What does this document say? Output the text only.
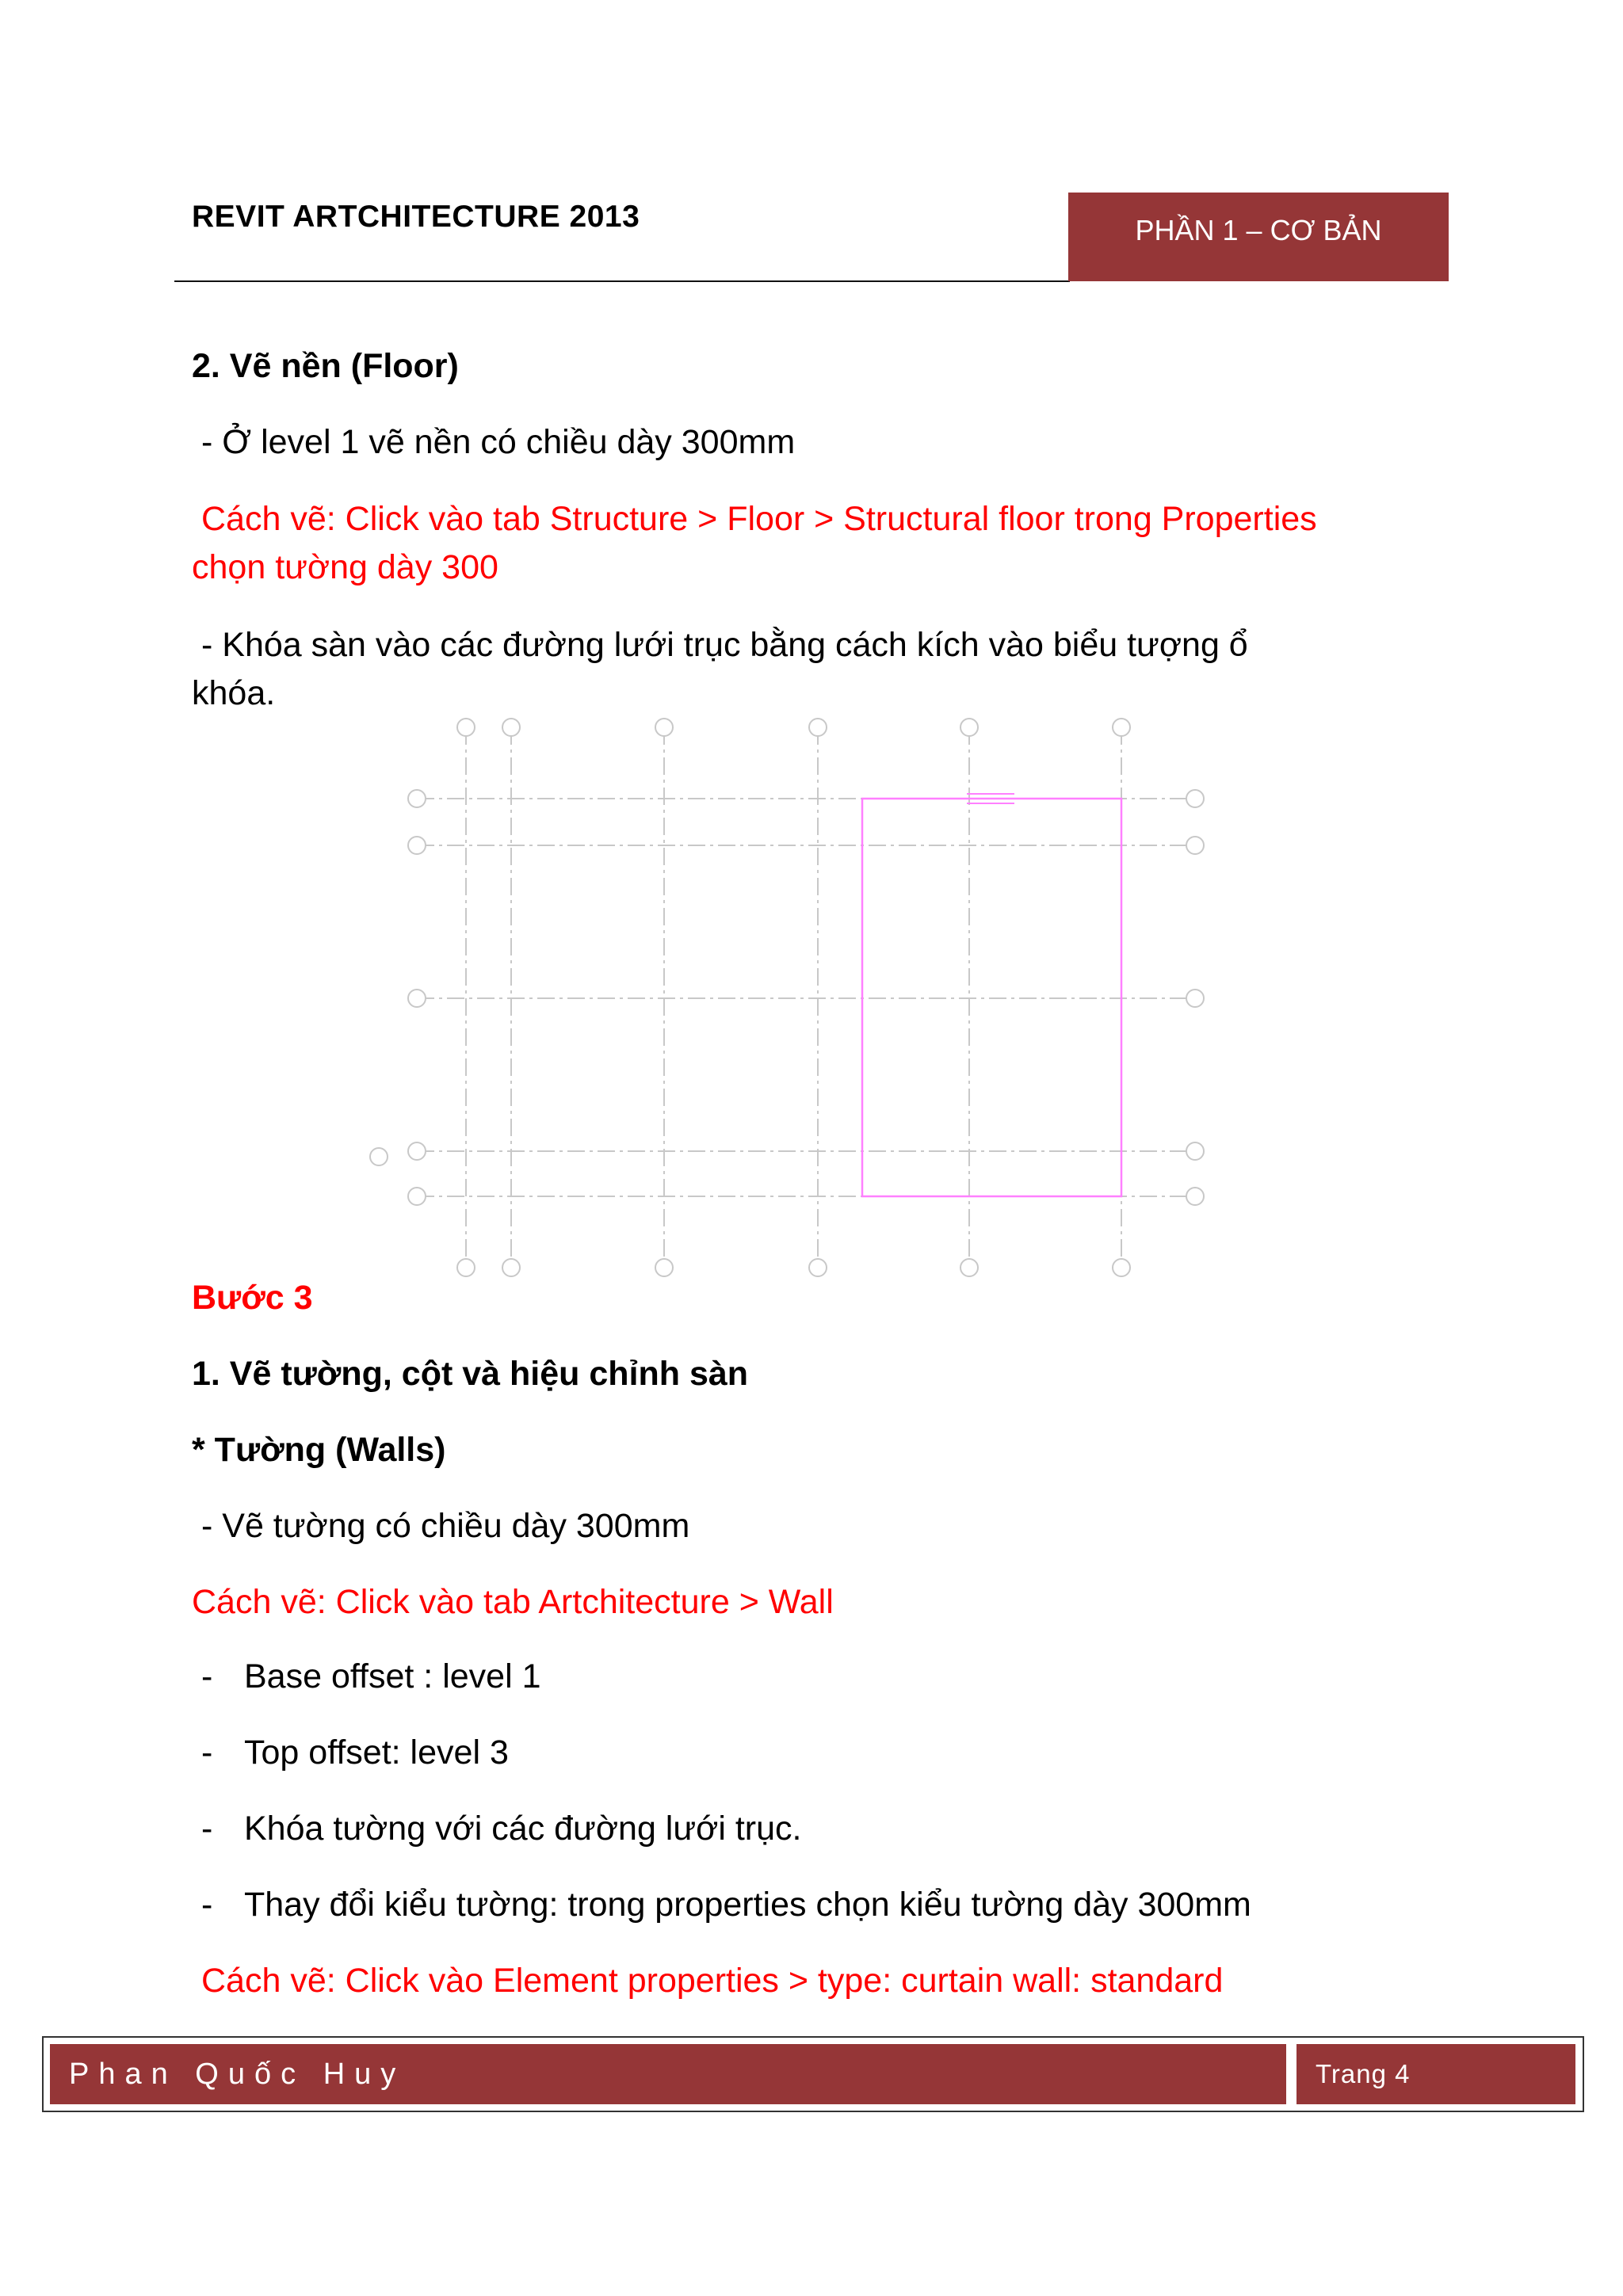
REVIT ARTCHITECTURE 2013	PHẦN 1 – CƠ BẢN
2. Vẽ nền (Floor)
- Ở level 1 vẽ nền có chiều dày 300mm
Cách vẽ: Click vào tab Structure > Floor > Structural floor trong Properties
chọn tường dày 300
- Khóa sàn vào các đường lưới trục bằng cách kích vào biểu tượng ổ
khóa.
Bước 3
1. Vẽ tường, cột và hiệu chỉnh sàn
* Tường (Walls)
- Vẽ tường có chiều dày 300mm
Cách vẽ: Click vào tab Artchitecture > Wall
- Base offset : level 1
- Top offset: level 3
- Khóa tường với các đường lưới trục.
- Thay đổi kiểu tường: trong properties chọn kiểu tường dày 300mm
Cách vẽ: Click vào Element properties > type: curtain wall: standard
Phan Quốc Huy	Trang 4
